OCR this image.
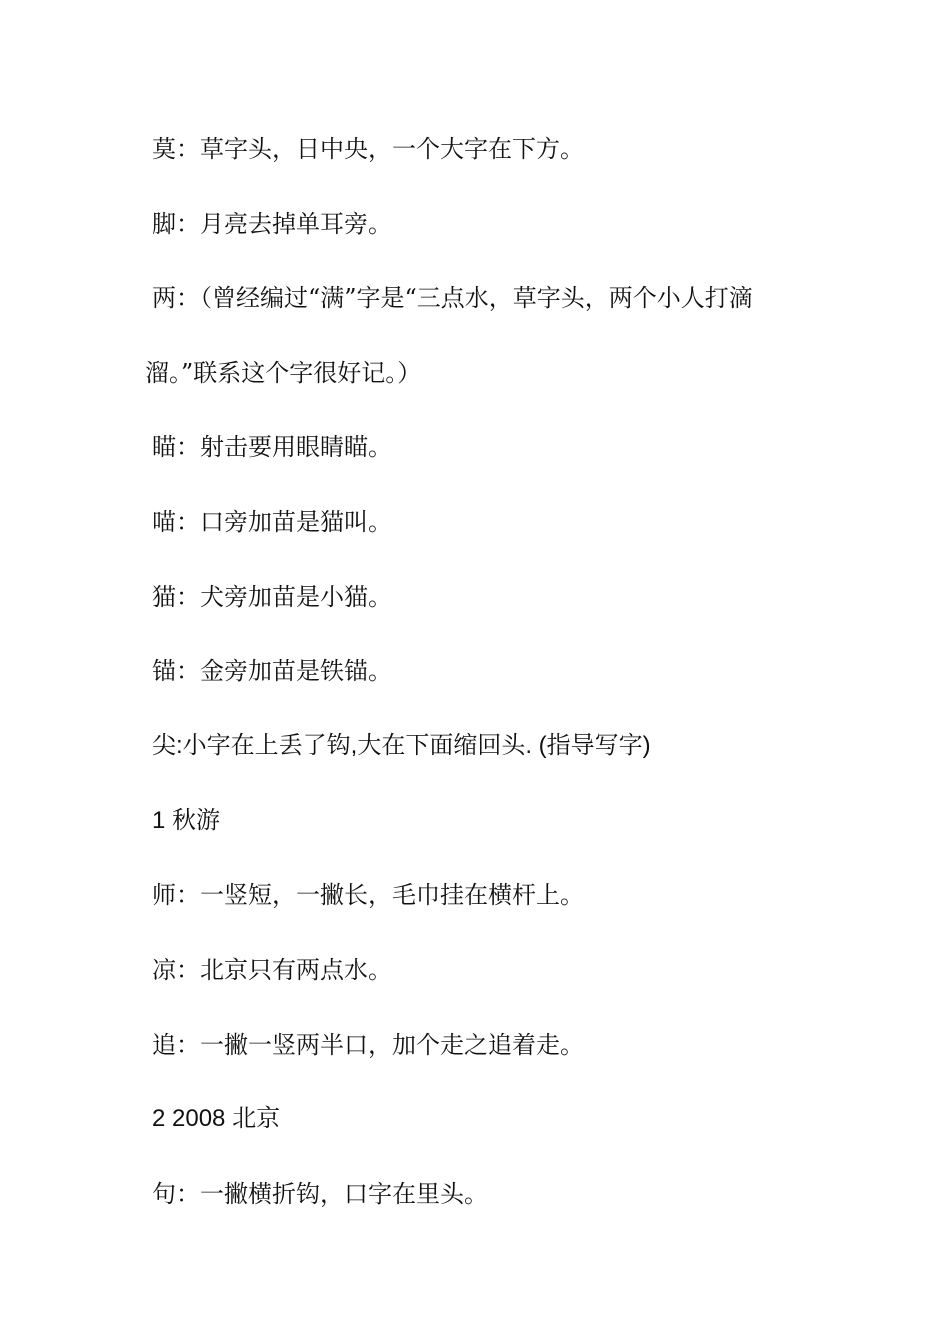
莫：草字头，日中央，一个大字在下方。
脚：月亮去掉单耳旁。
两：（曾经编过“满”字是“三点水，草字头，两个小人打滴
溜。”联系这个字很好记。）
瞄：射击要用眼睛瞄。
喵：口旁加苗是猫叫。
猫：犬旁加苗是小猫。
锚：金旁加苗是铁锚。
尖:小字在上丢了钩,大在下面缩回头. (指导写字)
1 秋游
师：一竖短，一撇长，毛巾挂在横杆上。
凉：北京只有两点水。
追：一撇一竖两半口，加个走之追着走。
2 2008 北京
句：一撇横折钩，口字在里头。
